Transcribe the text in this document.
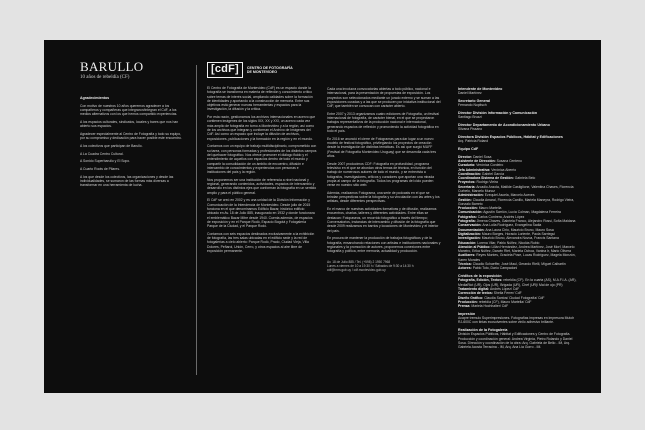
BARULLO
10 años de rebeldía (CF)
Agradecimientos
Con motivo de nuestros 10 años queremos agradecer a los compañeros y compañeras que integraron/integran el CdF, a los medios alternativos con los que hemos compartido experiencias.
A los espacios culturales, sindicatos, locales y bares que nos han abierto sus espacios.
Agradecer especialmente al Centro de Fotografía y todo su equipo, por su compromiso y dedicación para hacer posible este encuentro.
A los colectivos que participan de Barullo.
A La Cuadra Centro Cultural.
A Sonido Superbarullo y El Sopo.
A Cuarto Roots de Pilares.
A los que desde los colectivos, las organizaciones y desde las individualidades, se sumaron de las formas más diversas a transformar en una herramienta de lucha.
[cdF]	CENTRO DE FOTOGRAFÍA DE MONTEVIDEO
El Centro de Fotografía de Montevideo (CdF) es un espacio donde la fotografía se transforma en materia de reflexión y conocimiento crítico sobre temas de interés social, ampliando calidades sobre la formación de identidades y aportando a la construcción de memoria. Entre sus objetivos está generar nuevas herramientas y espacios para la investigación, la difusión y la crítica.
Por esta razón, gestionamos los archivos internacionales en acervo que contienen imágenes de los siglos XIX, XX y XXI, un acervo cada vez más amplio de fotografía en torno a Montevideo y a la región, así como de los archivos que integran y conforman el Archivo de Imágenes del CdF. Así como un espacio que incluye la difusión de archivos, exposiciones, publicaciones y la formación en la región y en el mundo.
Contamos con un equipo de trabajo multidisciplinario, comprometido con su tarea, con personas formadas y profesionales de los distintos campos del quehacer fotográfico. Nos ofrece promover el diálogo fluido y el entendimiento de aquellos con espacios dentro de todo el mundo y compartir la consolidación de un ámbito de encuentro, difusión e intercambio de conocimientos y experiencias con personas e instituciones del país y la región.
Nos proponemos ser una institución de referencia a nivel nacional y regional, generando contenidos, actividades, espacios de intercambio y desarrollo en los distintos ejes que conforman la fotografía en un sentido amplio y para el público general.
El CdF se creó en 2002 y es una unidad de la División Información y Comunicación de la Intendencia de Montevideo. Desde julio de 2015 funciona en el que denominamos Edificio Bazar, histórico edificio ubicado en Av. 18 de Julio 885, inaugurado en 1932 y donde funcionara el emblemático Bazar Mitre desde 1940. Cuenta además, de espacios de exposición y en el Parque Rodó, Espacio Bogotá y Fotogalería Parque de la Ciudad, y el Parque Rodó.
Contamos con seis espacios destinados exclusivamente a la exhibición de fotografía, las tres salas ubicadas en el edificio sede y la red de fotogalerías a cielo abierto: Parque Rodó, Prado, Ciudad Vieja, Villa Dolores, Peñarol, Unión, Cerro, y otros espacios al aire libre de exposición permanente.
Cada una involucra convocatorias abiertas a todo público, nacional e internacional, para la presentación de propuestas de exposición. Los proyectos son seleccionados mediante un jurado externo y se suman a las exposiciones curadas y a las que se producen por iniciativa institucional del CdF, que también se convocan con carácter abierto.
Entre 2007 y 2013 organizamos cuatro ediciones de Fotografía, un festival internacional de fotografía, de carácter bienal, en el que se proyectaron trabajos representativos de la producción nacional e internacional, generando espacios de reflexión y promoviendo la actividad fotográfica en todo el país.
En 2016 se anunció el cierre de Fotogramas para dar lugar a un nuevo modelo de festival fotográfico, privilegiando los proyectos de creación desde la investigación de distintas temáticas. Es así que surgió MUFF (Festival de Fotografía Montevideo Uruguay) que se desarrolla cada tres años.
Desde 2007 producimos CDF: Fotografía en profundidad, programa televisivo en el que se abordan otros temas de técnica, en función del trabajo de numerosos autores de todo el mundo, y se entrevista a fotógrafos, investigadores, críticos y curadores que aportan una mirada propia al campo de la fotografía. Todos los programas del ciclo pueden verse en nuestro sitio web.
Además, realizamos Fotograma, una serie de podcasts en el que se brindan perspectivas sobre la fotografía y su vinculación con las artes y los artistas, desde diferentes perspectivas.
En el marco de nuestras actividades formativas y de difusión, realizamos encuentros, charlas, talleres y diferentes actividades. Entre ellas se destacan: Fotopaseos, un recorrido fotográfico a través del tiempo; Conversatorios, instancias de intercambio y difusión de la fotografía que desde 2009 realizamos en barrios y locaciones de Montevideo y el interior del país.
En procura de mantener la producción de trabajos fotográficos y de la fotografía, ensanchando relaciones con artistas e instituciones nacionales y regionales y la promoción de autores, proponemos conexiones entre fotografía y política, entre memoria, actualidad y producción.
Av. 18 de Julio 885 / Tel. (+598) 2 1950 7968
Lunes a viernes de 10 a 19:30 h / Sábados de 9:30 a 14:30 h
cdf@imm.gub.uy / cdf.montevideo.gub.uy
Intendente de Montevideo
Daniel Martínez
Secretario General
Fernando Nopitsch
Director División Información y Comunicación
Santiago Bruzzi
Director Departamento de Acondicionamiento Urbano
Silvana Pissano
Directora División Espacios Públicos, Hábitat y Edificaciones
Arq. Patricia Roland
Equipo CdF
Director: Daniel Sosa
Asistente de Dirección: Susana Centeno
Curaduría: Verónica Cordeiro
Jefa Administrativa: Verónica Aberrio
Coordinación: Gabriel García
Coordinadora Sistema de Gestión: Gabriela Belo
Proyectos: Rodrigo Vieira
Secretaría: Arcadio Anzola, Matilde Castiglione, Valentina Chaves, Florencia Curbelo, Marcelo Munoz
Administración: Ezequiel Ascela, Marcelo Aceves
Gestión: Claudia Amaral, Florencia Canillo, Mariela Maneyra, Rodrigo Vieira, Gonzalo Barreto
Producción: Mauro Martella
Comunicación: Agustín Sarrión, Lucía Colman, Magdalena Ferreira
Fotógrafos: Carlos Contrera, Andrés López
Fotografía: Jimena Chaves, Gabriela Franco, Alejandro Rossi, Sofía Maidana
Conservación: Ana Lolla Rodríguez, Evangelina Sadia
Documentación: Ana Laura Cirio, Mauricio Bruno, Mauro Sosa
Digitalización: Mauro Borges, Horacio Loriente, Paola Sarriegui
Investigación: Mauricio Bruno, Alexandra Novoa, Francis Santana
Educación: Lorena Vilar, Pablo Núñez, Nicolás Rubio
Atención al Público: Lilián Hernández, Andrea Martínez, José Morf, Marcelo Maneiro, Erika Núñez, Darwin Riet, Mariela Ochoa, Vanina Ir, Mario Olivera
Auxiliares: Reyes Montes, Graciela Pose, Lucas Rodríguez, Magela Monzón, Karen Morales
Técnica: Claudio Schaeffer, José Maul, Gerardo Rielli, Miguel Calhartin
Actores: Pablo Toto, Darío Campadoni
Créditos de la exposición
Fotografía, Edición, Textos: rebeldía (CF). En la cuarta (AS), M.A.F.I.A. (AR), MediaRiot (UR), Ojos (UR), Brigada (UR), Chef (UR)/ Mal de ojo (PR)
Tratamiento digital: Andrés López/ CdF
Corrección de textos: Sheila Ferrer/ CdF
Diseño Gráfico: Claudia Santos/ Ciudad Fotografía/ CdF
Producción: rebeldía (CF), Mauro Martella/ CdF
Prensa: Mariela Hochhalter/ CdF
Impresión
Acapre tremulo Superimpresiones. Fotografías impresas en impresora Mutoh RJ-600C con tintas ecosolventes sobre vinilo adhesivo brillante.
Realización de la Fotogalería
División Espacios Públicos, Hábitat y Edificaciones y Centro de Fotografía. Producción y coordinación general: Andrea Virginia, Pietro Rolando y Daniel Sosa. Dirección y coordinación de la obra: Arq. Gabriela de Bello - IM, Arq. Gabriela Acosta Terracina - IM, Arq. Ana Lía Gorro - IM.
